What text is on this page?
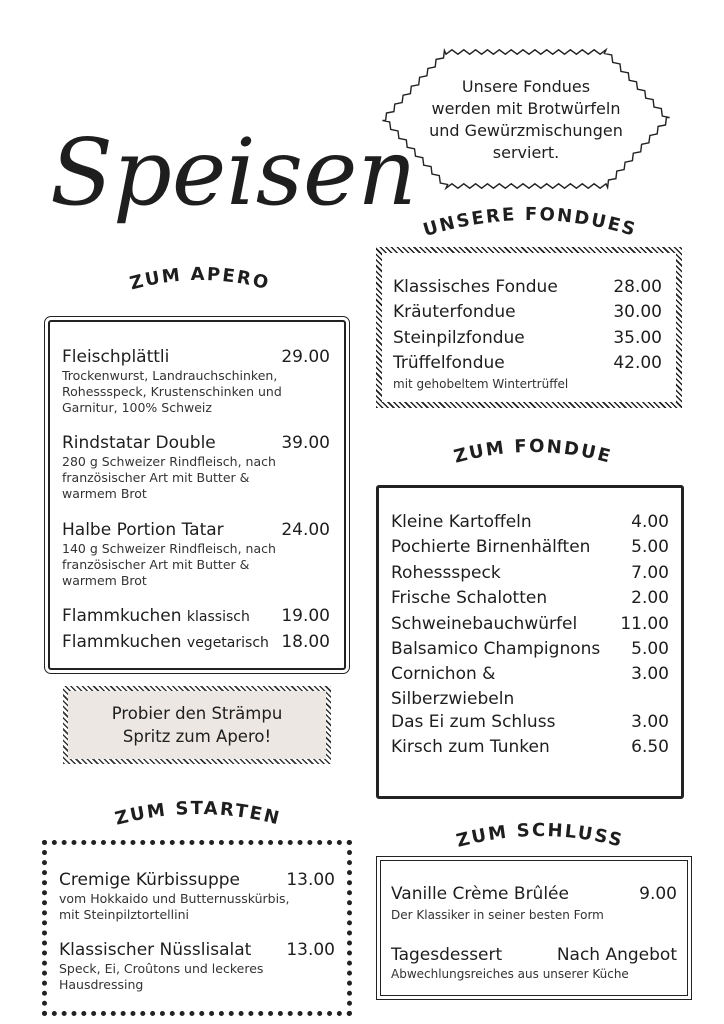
Speisen
Unsere Fondues
werden mit Brotwürfeln
und Gewürzmischungen
serviert.
ZUM APERO
UNSERE FONDUES
ZUM FONDUE
ZUM STARTEN
ZUM SCHLUSS
Fleischplättli	29.00
Trockenwurst, Landrauchschinken,
Rohessspeck, Krustenschinken und
Garnitur, 100% Schweiz
Rindstatar Double	39.00
280 g Schweizer Rindfleisch, nach
französischer Art mit Butter &
warmem Brot
Halbe Portion Tatar	24.00
140 g Schweizer Rindfleisch, nach
französischer Art mit Butter &
warmem Brot
Flammkuchen klassisch 19.00
Flammkuchen vegetarisch 18.00
Probier den Strämpu
Spritz zum Apero!
Cremige Kürbissuppe	13.00
vom Hokkaido und Butternusskürbis,
mit Steinpilztortellini
Klassischer Nüsslisalat 13.00
Speck, Ei, Croûtons und leckeres
Hausdressing
Klassisches Fondue	28.00
Kräuterfondue	30.00
Steinpilzfondue	35.00
Trüffelfondue	42.00
mit gehobeltem Wintertrüffel
Kleine Kartoffeln	4.00
Pochierte Birnenhälften 5.00
Rohessspeck	7.00
Frische Schalotten	2.00
Schweinebauchwürfel	11.00
Balsamico Champignons 5.00
Cornichon &	3.00
Silberzwiebeln
Das Ei zum Schluss	3.00
Kirsch zum Tunken	6.50
Vanille Crème Brûlée	9.00
Der Klassiker in seiner besten Form
Tagesdessert	Nach Angebot
Abwechlungsreiches aus unserer Küche
